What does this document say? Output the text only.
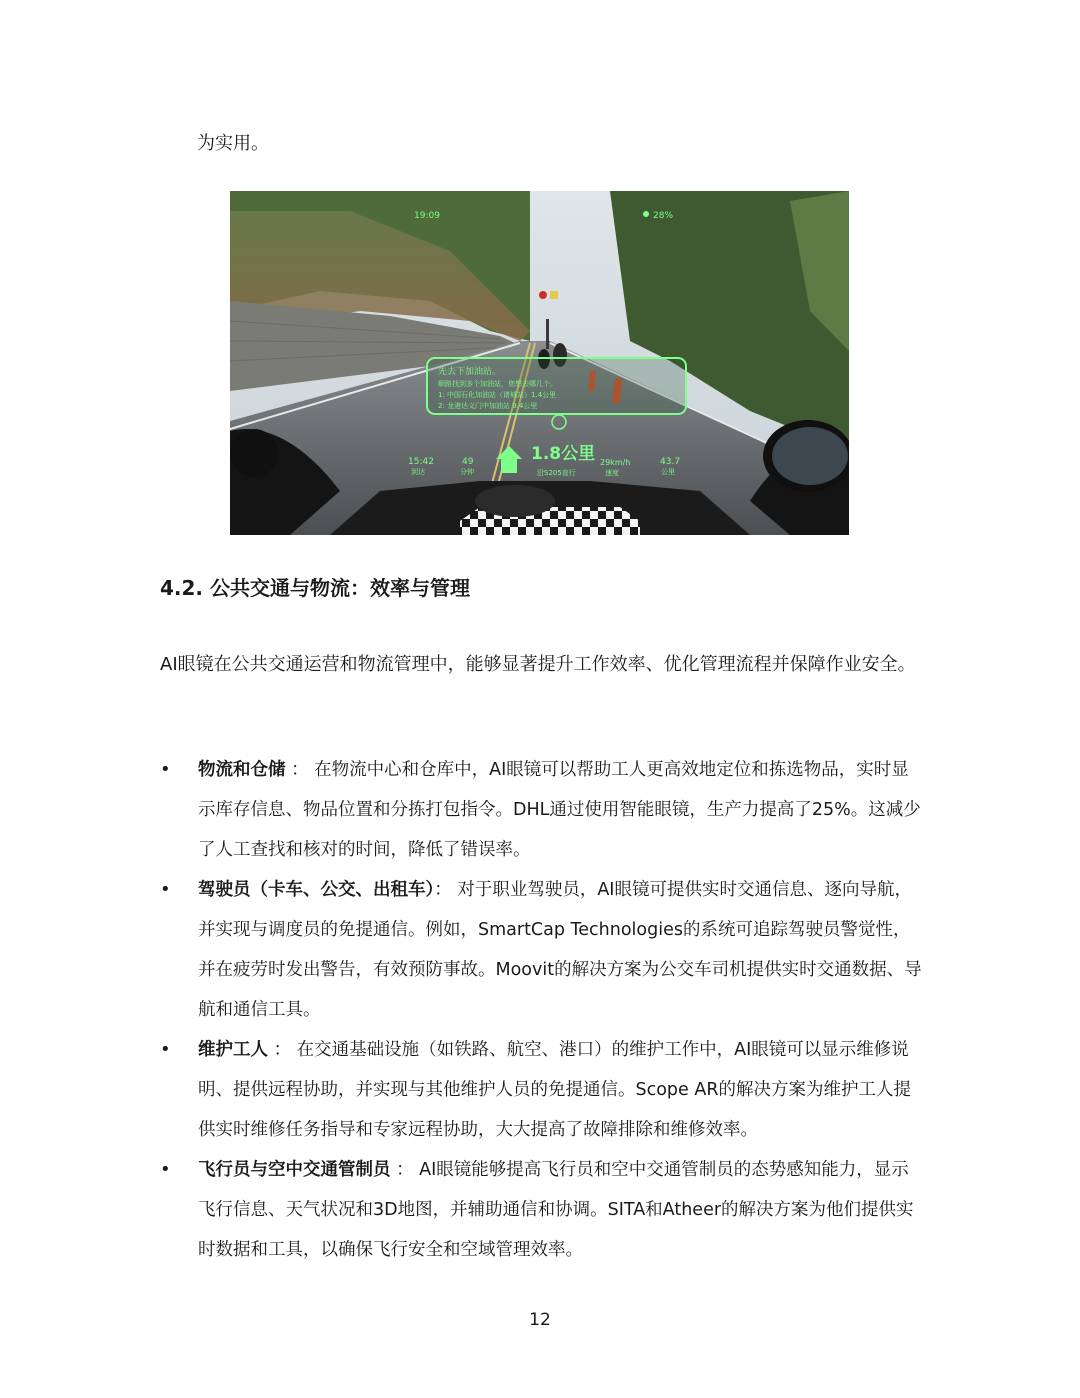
为实用。
19:09	28%
先去下加油站。
顺路找到多个加油站，您想去哪几个。
1: 中国石化加油站（诸城站）1.4公里
2: 龙港达义门中加油站 9.4公里
15:42
到达
49
分钟
1.8公里
沿S205直行
29km/h
速度
43.7
公里
4.2. 公共交通与物流：效率与管理
AI眼镜在公共交通运营和物流管理中，能够显著提升工作效率、优化管理流程并保障作业安全。
• 物流和仓储 ： 在物流中心和仓库中，AI眼镜可以帮助工人更高效地定位和拣选物品，实时显示库存信息、物品位置和分拣打包指令。DHL通过使用智能眼镜，生产力提高了25%。这减少了人工查找和核对的时间，降低了错误率。
• 驾驶员（卡车、公交、出租车）： 对于职业驾驶员，AI眼镜可提供实时交通信息、逐向导航，并实现与调度员的免提通信。例如，SmartCap Technologies的系统可追踪驾驶员警觉性，并在疲劳时发出警告，有效预防事故。Moovit的解决方案为公交车司机提供实时交通数据、导航和通信工具。
• 维护工人 ： 在交通基础设施（如铁路、航空、港口）的维护工作中，AI眼镜可以显示维修说明、提供远程协助，并实现与其他维护人员的免提通信。Scope AR的解决方案为维护工人提供实时维修任务指导和专家远程协助，大大提高了故障排除和维修效率。
• 飞行员与空中交通管制员 ： AI眼镜能够提高飞行员和空中交通管制员的态势感知能力，显示飞行信息、天气状况和3D地图，并辅助通信和协调。SITA和Atheer的解决方案为他们提供实时数据和工具，以确保飞行安全和空域管理效率。
12
